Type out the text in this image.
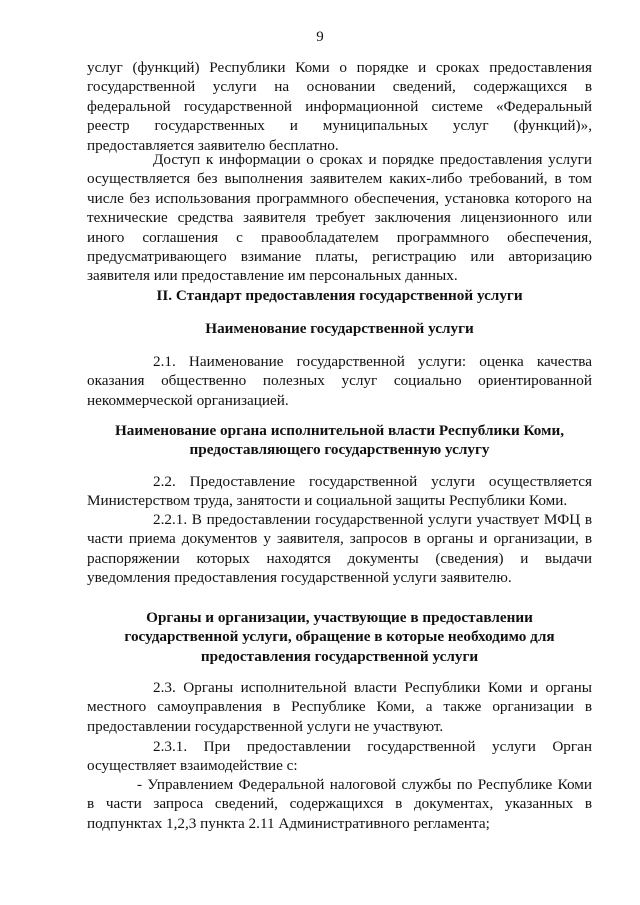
9

услуг (функций) Республики Коми о порядке и сроках предоставления государственной услуги на основании сведений, содержащихся в федеральной государственной информационной системе «Федеральный реестр государственных и муниципальных услуг (функций)», предоставляется заявителю бесплатно.

Доступ к информации о сроках и порядке предоставления услуги осуществляется без выполнения заявителем каких-либо требований, в том числе без использования программного обеспечения, установка которого на технические средства заявителя требует заключения лицензионного или иного соглашения с правообладателем программного обеспечения, предусматривающего взимание платы, регистрацию или авторизацию заявителя или предоставление им персональных данных.

II. Стандарт предоставления государственной услуги

Наименование государственной услуги

2.1. Наименование государственной услуги: оценка качества оказания общественно полезных услуг социально ориентированной некоммерческой организацией.

Наименование органа исполнительной власти Республики Коми,

предоставляющего государственную услугу

2.2. Предоставление государственной услуги осуществляется Министерством труда, занятости и социальной защиты Республики Коми.

2.2.1. В предоставлении государственной услуги участвует МФЦ в части приема документов у заявителя, запросов в органы и организации, в распоряжении которых находятся документы (сведения) и выдачи уведомления предоставления государственной услуги заявителю.

Органы и организации, участвующие в предоставлении

государственной услуги, обращение в которые необходимо для

предоставления государственной услуги

2.3. Органы исполнительной власти Республики Коми и органы местного самоуправления в Республике Коми, а также организации в предоставлении государственной услуги не участвуют.

2.3.1. При предоставлении государственной услуги Орган осуществляет взаимодействие с:

- Управлением Федеральной налоговой службы по Республике Коми в части запроса сведений, содержащихся в документах, указанных в подпунктах 1,2,3 пункта 2.11 Административного регламента;
